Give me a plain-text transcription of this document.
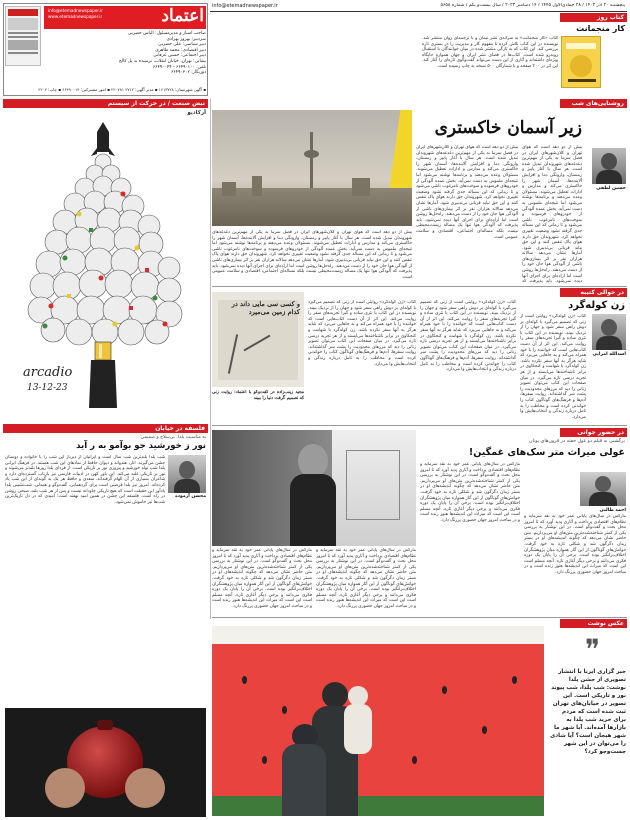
اعتماد
info@etemadnewspaper.ir
www.etemadnewspaper.ir
صاحب امتیاز و مدیرمسئول: الیاس حضرتی
سردبیر: بهروز بهزادی
دبیر سیاسی: علی حضرتی
دبیر اقتصادی: محمد طاهری
دبیر اجتماعی: حسین عرفانی
نشانی: تهران، خیابان انقلاب، نرسیده به پل کالج
تلفن: ۶۶۴۹۰۱۰۰ - ۶۶۴۹۰۰۴۴
دورنگار: ۶۶۴۹۰۳۰۲
▪ آگهی شهرستان: ۱۶۱۳۷۲۸ ▪ مدیر آگهی: ۲۷۱۲ ۲۲۰۷۸۱ ▪ امور مشترکین: ۶۶۴۹۰۰۱۴ ▪ چاپ: ۲۲۰۴
info@etemadnewspaper.ir	پنجشنبه ۲۰ آذر ۱۴۰۲ / ۲۸ جمادی‌الاول ۱۴۴۵ / ۱۴ دسامبر ۲۰۲۳ / سال بیست‌و یکم / شماره ۵۶۵۸
کتاب روز
کار منجمانت
کتاب «کار منجمانت» به سرانه‌ی نشر نیمان و با ترجمه‌ای روان منتشر شد. نویسنده در این کتاب تلاش کرده تا مفهوم کار و مدیریت را در بستری تازه بررسی کند. این کتاب که به تازگی منتشر شده در میان خوانندگان با استقبال روبه‌رو شده است. کتاب‌ها در فضای نشر ایران و جهان همواره جایگاه ویژه‌ای داشته‌اند و آثاری از این دست می‌تواند گفت‌وگوی تازه‌ای را آغاز کند. این اثر در ۲۰۰ صفحه و با شمارگان ۵۰۰ نسخه به چاپ رسیده است.
نبض صنعت / در حرکت از سیستم
آرکادیو
arcadio
13-12-23
فلسفه در خیابان
به مناسبت یلدا: بی‌سلاح و صمیمی
نور ز خورشید جو بوآمو به ر آید
محسن آزموده
شب یلدا بلندترین شب سال است و ایرانیان از دیرباز این شب را با خانواده و دوستان جشن می‌گیرند. انار، هندوانه و دیوان حافظ از نمادهای این شب هستند. در فرهنگ ایرانی یلدا شب تولد خورشید و پیروزی نور بر تاریکی است. از فردای یلدا روزها بلندتر می‌شوند و نور بر تاریکی غلبه می‌کند. این باور کهن در ادبیات فارسی نیز بازتاب گسترده‌ای دارد و شاعران بسیاری از آن الهام گرفته‌اند. سعدی و حافظ هر یک به گونه‌ای از این شب یاد کرده‌اند. امروز نیز یلدا فرصتی است برای گردهمایی، گفت‌وگو و همدلی. شب‌نشینی یلدا یادآور این حقیقت است که هیچ تاریکی جاودانه نیست و پس از هر شب بلند، صبحی روشن در راه است. فلسفه این جشن در همین امید نهفته است؛ امیدی که در دل تاریک‌ترین شب‌ها نیز خاموش نمی‌شود.
روشنایی‌های شب
زیر آسمان خاکستری
حسین لطفی
بیش از دو دهه است که هوای تهران و کلان‌شهرهای ایران در فصل سرما به یکی از مهم‌ترین دغدغه‌های شهروندان تبدیل شده است. هر سال با آغاز پاییز و زمستان، وارونگی دما و افزایش آلاینده‌ها، آسمان شهر را خاکستری می‌کند و مدارس و ادارات تعطیل می‌شوند. مسئولان وعده می‌دهند و برنامه‌ها نوشته می‌شود اما نتیجه‌ای ملموس به دست نمی‌آید. بخش عمده آلودگی از خودروهای فرسوده و سوخت‌های نامرغوب ناشی می‌شود و تا زمانی که این مساله جدی گرفته نشود وضعیت تغییری نخواهد کرد. شهروندان حق دارند هوای پاک تنفس کنند و این حق نباید قربانی بی‌تدبیری شود. آمارها نشان می‌دهد سالانه هزاران نفر بر اثر بیماری‌های ناشی از آلودگی هوا جان خود را از دست می‌دهند. راه‌حل‌ها روشن است اما اراده‌ای برای اجرای آنها دیده نمی‌شود. باید پذیرفت که
بیش از دو دهه است که هوای تهران و کلان‌شهرهای ایران در فصل سرما به یکی از مهم‌ترین دغدغه‌های شهروندان تبدیل شده است. هر سال با آغاز پاییز و زمستان، وارونگی دما و افزایش آلاینده‌ها، آسمان شهر را خاکستری می‌کند و مدارس و ادارات تعطیل می‌شوند. مسئولان وعده می‌دهند و برنامه‌ها نوشته می‌شود اما نتیجه‌ای ملموس به دست نمی‌آید. بخش عمده آلودگی از خودروهای فرسوده و سوخت‌های نامرغوب ناشی می‌شود و تا زمانی که این مساله جدی گرفته نشود وضعیت تغییری نخواهد کرد. شهروندان حق دارند هوای پاک تنفس کنند و این حق نباید قربانی بی‌تدبیری شود. آمارها نشان می‌دهد سالانه هزاران نفر بر اثر بیماری‌های ناشی از آلودگی هوا جان خود را از دست می‌دهند. راه‌حل‌ها روشن است اما اراده‌ای برای اجرای آنها دیده نمی‌شود. باید پذیرفت که آلودگی هوا تنها یک مساله زیست‌محیطی نیست بلکه مساله‌ای اجتماعی، اقتصادی و سلامت عمومی است.
بیش از دو دهه است که هوای تهران و کلان‌شهرهای ایران در فصل سرما به یکی از مهم‌ترین دغدغه‌های شهروندان تبدیل شده است. هر سال با آغاز پاییز و زمستان، وارونگی دما و افزایش آلاینده‌ها، آسمان شهر را خاکستری می‌کند و مدارس و ادارات تعطیل می‌شوند. مسئولان وعده می‌دهند و برنامه‌ها نوشته می‌شود اما نتیجه‌ای ملموس به دست نمی‌آید. بخش عمده آلودگی از خودروهای فرسوده و سوخت‌های نامرغوب ناشی می‌شود و تا زمانی که این مساله جدی گرفته نشود وضعیت تغییری نخواهد کرد. شهروندان حق دارند هوای پاک تنفس کنند و این حق نباید قربانی بی‌تدبیری شود. آمارها نشان می‌دهد سالانه هزاران نفر بر اثر بیماری‌های ناشی از آلودگی هوا جان خود را از دست می‌دهند. راه‌حل‌ها روشن است اما اراده‌ای برای اجرای آنها دیده نمی‌شود. باید پذیرفت که آلودگی هوا تنها یک مساله زیست‌محیطی نیست بلکه مساله‌ای اجتماعی، اقتصادی و سلامت عمومی است.
در حوالی کتیبه
زن کوله‌گرد
اسدالله امرایی
کتاب «زن کوله‌گرد» روایتی است از زنی که تصمیم می‌گیرد با کوله‌ای بر دوش راهی سفر شود و جهان را از نزدیک ببیند. نویسنده در این کتاب با نثری ساده و گیرا تجربه‌های سفر را روایت می‌کند. این اثر از آن دست کتاب‌هایی است که خواننده را با خود همراه می‌کند و به جاهایی می‌برد که شاید هرگز به آنها سفر نکرده باشد. زن کوله‌گرد با شهامت و کنجکاوی در برابر ناشناخته‌ها می‌ایستد و از هر تجربه درسی تازه می‌گیرد. در میان صفحات این کتاب می‌توان تصویر زنانی را دید که مرزهای محدودیت را پشت سر گذاشته‌اند. روایت سفرها، آدم‌ها و فرهنگ‌های گوناگون کتاب را خواندنی کرده است و مخاطب را به تامل درباره زندگی و انتخاب‌هایش وا می‌دارد.
کتاب «زن کوله‌گرد» روایتی است از زنی که تصمیم می‌گیرد با کوله‌ای بر دوش راهی سفر شود و جهان را از نزدیک ببیند. نویسنده در این کتاب با نثری ساده و گیرا تجربه‌های سفر را روایت می‌کند. این اثر از آن دست کتاب‌هایی است که خواننده را با خود همراه می‌کند و به جاهایی می‌برد که شاید هرگز به آنها سفر نکرده باشد. زن کوله‌گرد با شهامت و کنجکاوی در برابر ناشناخته‌ها می‌ایستد و از هر تجربه درسی تازه می‌گیرد. در میان صفحات این کتاب می‌توان تصویر زنانی را دید که مرزهای محدودیت را پشت سر گذاشته‌اند. روایت سفرها، آدم‌ها و فرهنگ‌های گوناگون کتاب را خواندنی کرده است و مخاطب را به تامل درباره زندگی و انتخاب‌هایش وا می‌دارد.
کتاب «زن کوله‌گرد» روایتی است از زنی که تصمیم می‌گیرد با کوله‌ای بر دوش راهی سفر شود و جهان را از نزدیک ببیند. نویسنده در این کتاب با نثری ساده و گیرا تجربه‌های سفر را روایت می‌کند. این اثر از آن دست کتاب‌هایی است که خواننده را با خود همراه می‌کند و به جاهایی می‌برد که شاید هرگز به آنها سفر نکرده باشد. زن کوله‌گرد با شهامت و کنجکاوی در برابر ناشناخته‌ها می‌ایستد و از هر تجربه درسی تازه می‌گیرد. در میان صفحات این کتاب می‌توان تصویر زنانی را دید که مرزهای محدودیت را پشت سر گذاشته‌اند. روایت سفرها، آدم‌ها و فرهنگ‌های گوناگون کتاب را خواندنی کرده است و مخاطب را به تامل درباره زندگی و انتخاب‌هایش وا می‌دارد.
و کسی سی مایی داند در کدام زمین می‌میرد
مجید زینب‌زاده در گفت‌وگو با اعتماد: روایت زنی که تصمیم گرفت دنیا را ببیند
در حضور جوانی
برگشتی به فیلم دو غول خفته در قرون‌های یونان
غولی میراث متر سک‌های غمگین!
احمد طالبی
مارکس در سال‌های پایانی عمر خود به نقد سرمایه و نظام‌های اقتصادی پرداخت و آثاری پدید آورد که تا امروز محل بحث و گفت‌وگو است. در این نوشتار به بررسی یکی از کمتر شناخته‌شده‌ترین متن‌های او می‌پردازیم. متن حاضر نشان می‌دهد که چگونه اندیشه‌های او در بستر زمان دگرگون شد و شکلی تازه به خود گرفت. خوانش‌های گوناگون از این آثار همواره میان پژوهشگران اختلاف‌برانگیز بوده است. برخی آن را پایان یک دوره فکری می‌دانند و برخی دیگر آغازی تازه. آنچه مسلم است این است که میراث این اندیشه‌ها هنوز زنده است و در مباحث امروز جهان حضوری پررنگ دارد.
مارکس در سال‌های پایانی عمر خود به نقد سرمایه و نظام‌های اقتصادی پرداخت و آثاری پدید آورد که تا امروز محل بحث و گفت‌وگو است. در این نوشتار به بررسی یکی از کمتر شناخته‌شده‌ترین متن‌های او می‌پردازیم. متن حاضر نشان می‌دهد که چگونه اندیشه‌های او در بستر زمان دگرگون شد و شکلی تازه به خود گرفت. خوانش‌های گوناگون از این آثار همواره میان پژوهشگران اختلاف‌برانگیز بوده است. برخی آن را پایان یک دوره فکری می‌دانند و برخی دیگر آغازی تازه. آنچه مسلم است این است که میراث این اندیشه‌ها هنوز زنده است و در مباحث امروز جهان حضوری پررنگ دارد.
مارکس در سال‌های پایانی عمر خود به نقد سرمایه و نظام‌های اقتصادی پرداخت و آثاری پدید آورد که تا امروز محل بحث و گفت‌وگو است. در این نوشتار به بررسی یکی از کمتر شناخته‌شده‌ترین متن‌های او می‌پردازیم. متن حاضر نشان می‌دهد که چگونه اندیشه‌های او در بستر زمان دگرگون شد و شکلی تازه به خود گرفت. خوانش‌های گوناگون از این آثار همواره میان پژوهشگران اختلاف‌برانگیز بوده است. برخی آن را پایان یک دوره فکری می‌دانند و برخی دیگر آغازی تازه. آنچه مسلم است این است که میراث این اندیشه‌ها هنوز زنده است و در مباحث امروز جهان حضوری پررنگ دارد.
مارکس در سال‌های پایانی عمر خود به نقد سرمایه و نظام‌های اقتصادی پرداخت و آثاری پدید آورد که تا امروز محل بحث و گفت‌وگو است. در این نوشتار به بررسی یکی از کمتر شناخته‌شده‌ترین متن‌های او می‌پردازیم. متن حاضر نشان می‌دهد که چگونه اندیشه‌های او در بستر زمان دگرگون شد و شکلی تازه به خود گرفت. خوانش‌های گوناگون از این آثار همواره میان پژوهشگران اختلاف‌برانگیز بوده است. برخی آن را پایان یک دوره فکری می‌دانند و برخی دیگر آغازی تازه. آنچه مسلم است این است که میراث این اندیشه‌ها هنوز زنده است و در مباحث امروز جهان حضوری پررنگ دارد.
عکس نوشت
❞
خبر گزاری ایرنا با انتشار تصویری از جشن یلدا نوشت: شب یلدا، شب پیوند نور و تاریکی است. این تصویر در خیابان‌های تهران ثبت شده است که مردم برای خرید شب یلدا به بازارها آمده‌اند. آیا شهر ما شهر هیجان است؟ آیا شادی را می‌توان در این شهر جست‌وجو کرد؟
